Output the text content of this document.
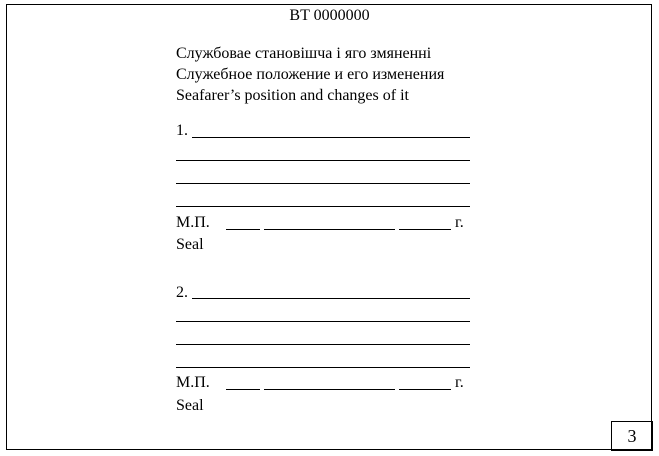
BT 0000000
Службовае становішча і яго змяненні
Служебное положение и его изменения
Seafarer’s position and changes of it
1.
М.П.	г.
Seal
2.
М.П.	г.
Seal
3
